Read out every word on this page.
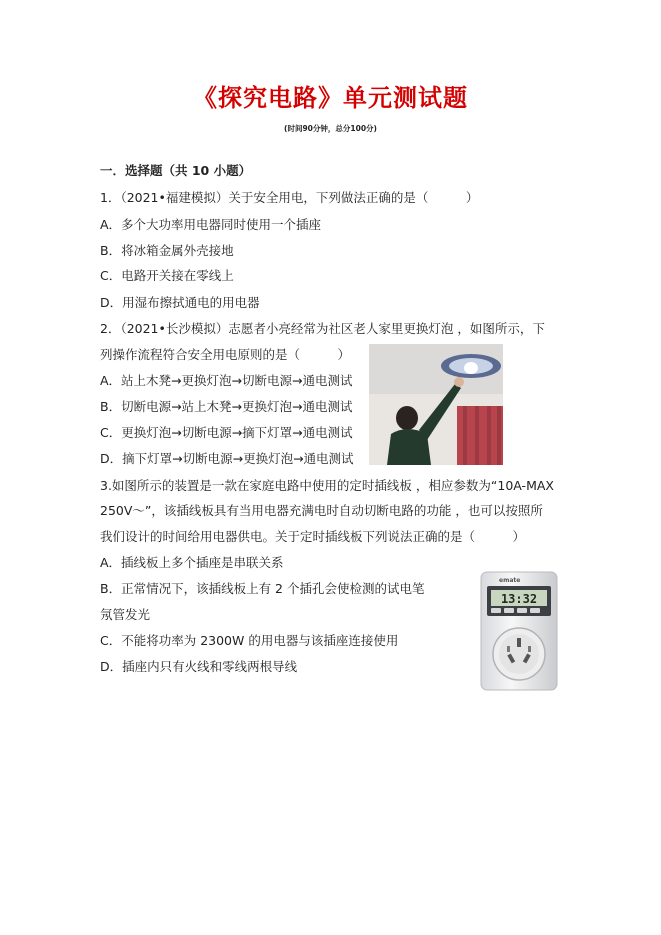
《探究电路》单元测试题
(时间90分钟，总分100分)
一．选择题（共 10 小题）
1．（2021•福建模拟）关于安全用电，下列做法正确的是（　　　）
A．多个大功率用电器同时使用一个插座
B．将冰箱金属外壳接地
C．电路开关接在零线上
D．用湿布擦拭通电的用电器
2．（2021•长沙模拟）志愿者小亮经常为社区老人家里更换灯泡 ，如图所示，下
列操作流程符合安全用电原则的是（　　　）
A．站上木凳→更换灯泡→切断电源→通电测试
B．切断电源→站上木凳→更换灯泡→通电测试
C．更换灯泡→切断电源→摘下灯罩→通电测试
D．摘下灯罩→切断电源→更换灯泡→通电测试
3.如图所示的装置是一款在家庭电路中使用的定时插线板 ，相应参数为“10A-MAX
250V～”，该插线板具有当用电器充满电时自动切断电路的功能 ，也可以按照所
我们设计的时间给用电器供电。关于定时插线板下列说法正确的是（　　　）
A．插线板上多个插座是串联关系
B．正常情况下，该插线板上有 2 个插孔会使检测的试电笔
氖管发光
C．不能将功率为 2300W 的用电器与该插座连接使用
D．插座内只有火线和零线两根导线
13:32
emate
